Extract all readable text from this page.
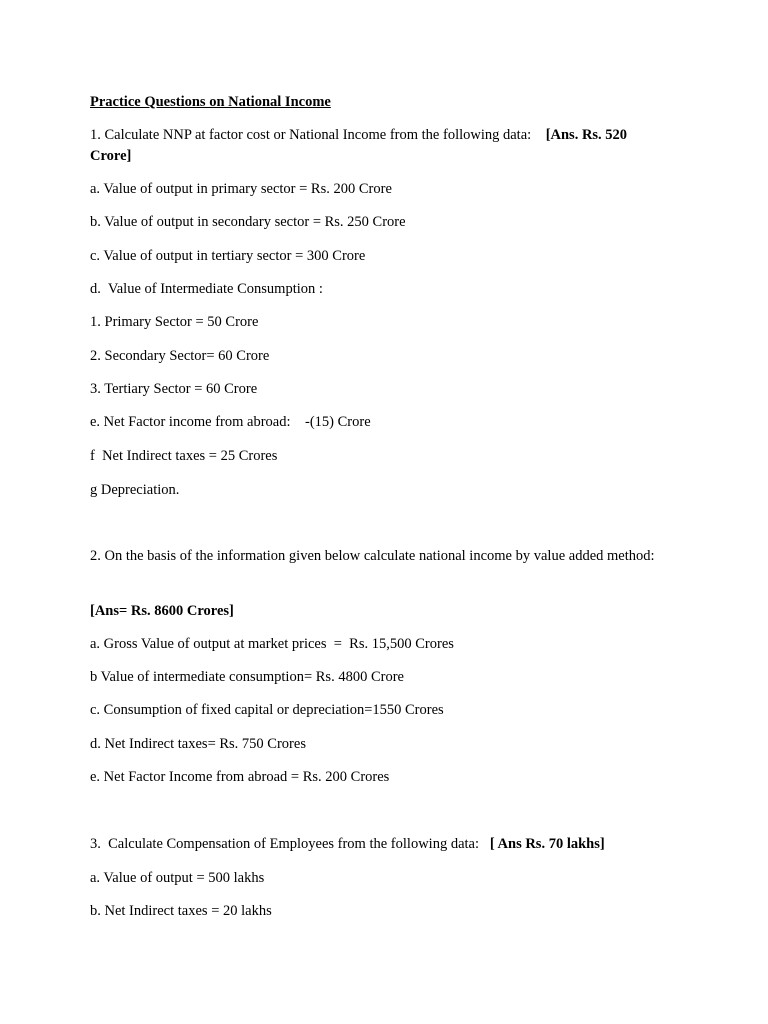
Practice Questions on National Income
1. Calculate NNP at factor cost or National Income from the following data: [Ans. Rs. 520 Crore]
a. Value of output in primary sector = Rs. 200 Crore
b. Value of output in secondary sector = Rs. 250 Crore
c. Value of output in tertiary sector = 300 Crore
d.  Value of Intermediate Consumption :
1. Primary Sector = 50 Crore
2. Secondary Sector= 60 Crore
3. Tertiary Sector = 60 Crore
e. Net Factor income from abroad:    -(15) Crore
f  Net Indirect taxes = 25 Crores
g Depreciation.
2. On the basis of the information given below calculate national income by value added method:
[Ans= Rs. 8600 Crores]
a. Gross Value of output at market prices  =  Rs. 15,500 Crores
b Value of intermediate consumption= Rs. 4800 Crore
c. Consumption of fixed capital or depreciation=1550 Crores
d. Net Indirect taxes= Rs. 750 Crores
e. Net Factor Income from abroad = Rs. 200 Crores
3.  Calculate Compensation of Employees from the following data: [ Ans Rs. 70 lakhs]
a. Value of output = 500 lakhs
b. Net Indirect taxes = 20 lakhs
